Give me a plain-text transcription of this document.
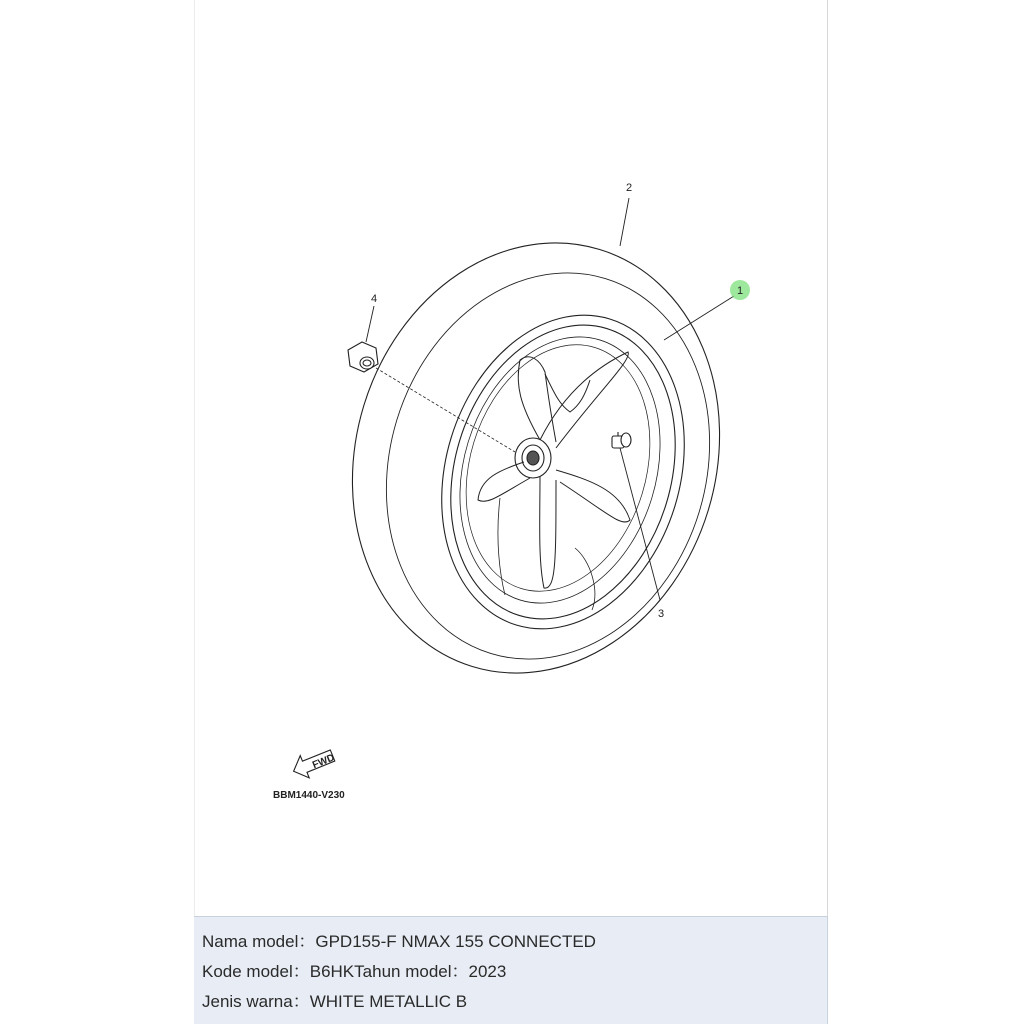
1
2
3
4
FWD
BBM1440-V230
Nama model：GPD155-F NMAX 155 CONNECTED
Kode model：B6HKTahun model：2023
Jenis warna：WHITE METALLIC B
